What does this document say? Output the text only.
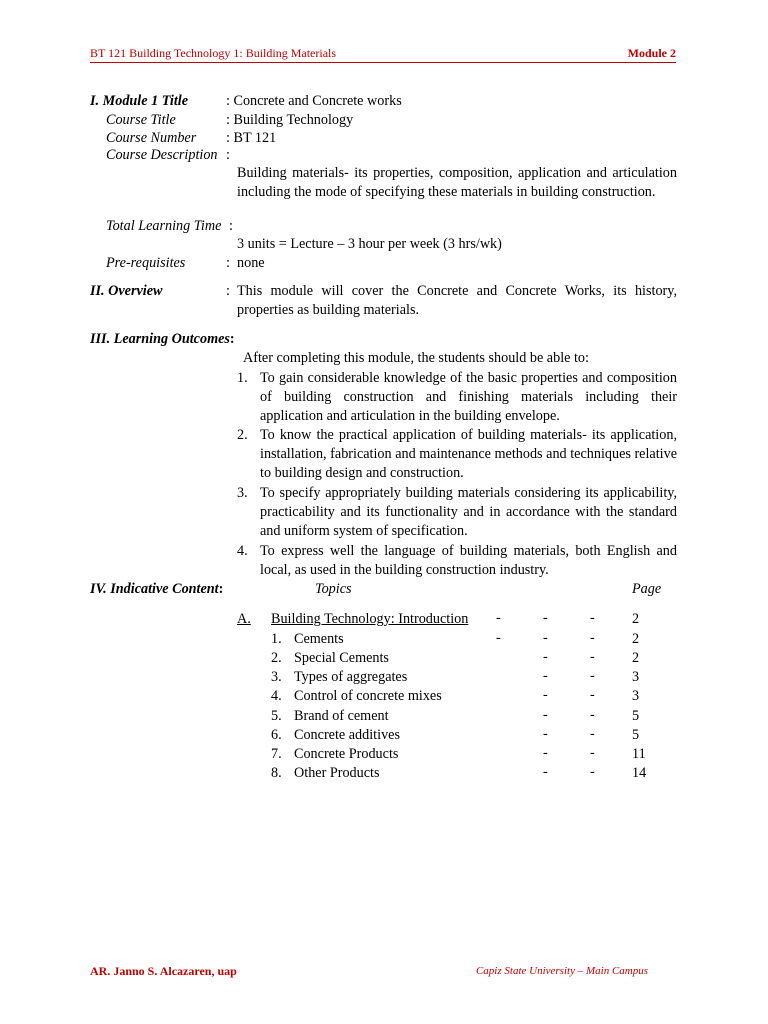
BT 121 Building Technology 1: Building Materials	Module 2
I. Module 1 Title	: Concrete and Concrete works
Course Title	: Building Technology
Course Number : BT 121
Course Description :
Building materials- its properties, composition, application and articulation including the mode of specifying these materials in building construction.
Total Learning Time :
3 units = Lecture – 3 hour per week (3 hrs/wk)
Pre-requisites	: none
II. Overview	: This module will cover the Concrete and Concrete Works, its history, properties as building materials.
III. Learning Outcomes:
After completing this module, the students should be able to:
1. To gain considerable knowledge of the basic properties and composition of building construction and finishing materials including their application and articulation in the building envelope.
2. To know the practical application of building materials- its application, installation, fabrication and maintenance methods and techniques relative to building design and construction.
3. To specify appropriately building materials considering its applicability, practicability and its functionality and in accordance with the standard and uniform system of specification.
4. To express well the language of building materials, both English and local, as used in the building construction industry.
IV. Indicative Content:	Topics	Page
A. Building Technology: Introduction -	-	-	2
1. Cements	-	-	-	2
2. Special Cements	-	-	2
3. Types of aggregates	-	-	3
4. Control of concrete mixes	-	-	3
5. Brand of cement	-	-	5
6. Concrete additives	-	-	5
7. Concrete Products	-	-	11
8. Other Products	-	-	14
AR. Janno S. Alcazaren, uap	Capiz State University – Main Campus
